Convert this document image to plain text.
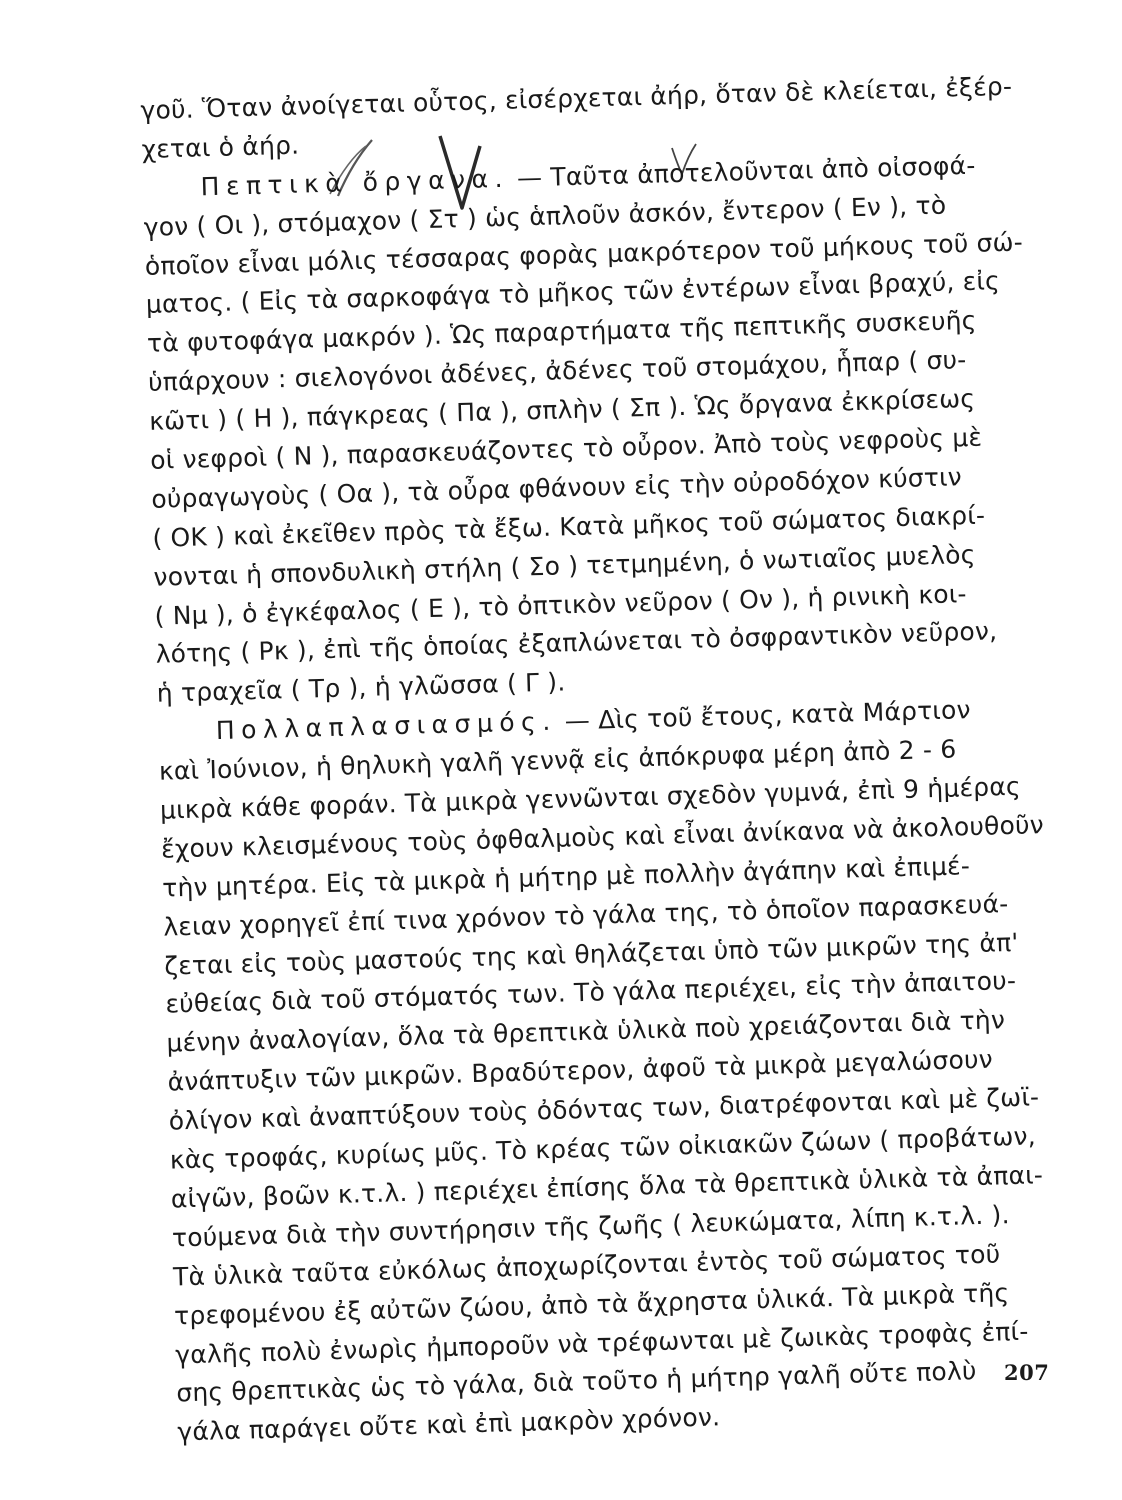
γοῦ. Ὅταν ἀνοίγεται οὗτος, εἰσέρχεται ἀήρ, ὅταν δὲ κλείεται, ἐξέρ-
χεται ὁ ἀήρ.
Πεπτικὰ ὄργανα. — Ταῦτα ἀποτελοῦνται ἀπὸ οἰσοφά-
γον ( Οι ), στόμαχον ( Στ ) ὡς ἁπλοῦν ἀσκόν, ἔντερον ( Εν ), τὸ
ὁποῖον εἶναι μόλις τέσσαρας φορὰς μακρότερον τοῦ μήκους τοῦ σώ-
ματος. ( Εἰς τὰ σαρκοφάγα τὸ μῆκος τῶν ἐντέρων εἶναι βραχύ, εἰς
τὰ φυτοφάγα μακρόν ). Ὡς παραρτήματα τῆς πεπτικῆς συσκευῆς
ὑπάρχουν : σιελογόνοι ἀδένες, ἀδένες τοῦ στομάχου, ἧπαρ ( συ-
κῶτι ) ( Η ), πάγκρεας ( Πα ), σπλὴν ( Σπ ). Ὡς ὄργανα ἐκκρίσεως
οἱ νεφροὶ ( Ν ), παρασκευάζοντες τὸ οὖρον. Ἀπὸ τοὺς νεφροὺς μὲ
οὐραγωγοὺς ( Οα ), τὰ οὖρα φθάνουν εἰς τὴν οὐροδόχον κύστιν
( ΟΚ ) καὶ ἐκεῖθεν πρὸς τὰ ἔξω. Κατὰ μῆκος τοῦ σώματος διακρί-
νονται ἡ σπονδυλικὴ στήλη ( Σο ) τετμημένη, ὁ νωτιαῖος μυελὸς
( Νμ ), ὁ ἐγκέφαλος ( Ε ), τὸ ὀπτικὸν νεῦρον ( Ον ), ἡ ρινικὴ κοι-
λότης ( Ρκ ), ἐπὶ τῆς ὁποίας ἐξαπλώνεται τὸ ὀσφραντικὸν νεῦρον,
ἡ τραχεῖα ( Τρ ), ἡ γλῶσσα ( Γ ).
Πολλαπλασιασμός. — Δὶς τοῦ ἔτους, κατὰ Μάρτιον
καὶ Ἰούνιον, ἡ θηλυκὴ γαλῆ γεννᾷ εἰς ἀπόκρυφα μέρη ἀπὸ 2 - 6
μικρὰ κάθε φοράν. Τὰ μικρὰ γεννῶνται σχεδὸν γυμνά, ἐπὶ 9 ἡμέρας
ἔχουν κλεισμένους τοὺς ὀφθαλμοὺς καὶ εἶναι ἀνίκανα νὰ ἀκολουθοῦν
τὴν μητέρα. Εἰς τὰ μικρὰ ἡ μήτηρ μὲ πολλὴν ἀγάπην καὶ ἐπιμέ-
λειαν χορηγεῖ ἐπί τινα χρόνον τὸ γάλα της, τὸ ὁποῖον παρασκευά-
ζεται εἰς τοὺς μαστούς της καὶ θηλάζεται ὑπὸ τῶν μικρῶν της ἀπ'
εὐθείας διὰ τοῦ στόματός των. Τὸ γάλα περιέχει, εἰς τὴν ἀπαιτου-
μένην ἀναλογίαν, ὅλα τὰ θρεπτικὰ ὑλικὰ ποὺ χρειάζονται διὰ τὴν
ἀνάπτυξιν τῶν μικρῶν. Βραδύτερον, ἀφοῦ τὰ μικρὰ μεγαλώσουν
ὀλίγον καὶ ἀναπτύξουν τοὺς ὀδόντας των, διατρέφονται καὶ μὲ ζωϊ-
κὰς τροφάς, κυρίως μῦς. Τὸ κρέας τῶν οἰκιακῶν ζώων ( προβάτων,
αἰγῶν, βοῶν κ.τ.λ. ) περιέχει ἐπίσης ὅλα τὰ θρεπτικὰ ὑλικὰ τὰ ἀπαι-
τούμενα διὰ τὴν συντήρησιν τῆς ζωῆς ( λευκώματα, λίπη κ.τ.λ. ).
Τὰ ὑλικὰ ταῦτα εὐκόλως ἀποχωρίζονται ἐντὸς τοῦ σώματος τοῦ
τρεφομένου ἐξ αὐτῶν ζώου, ἀπὸ τὰ ἄχρηστα ὑλικά. Τὰ μικρὰ τῆς
γαλῆς πολὺ ἐνωρὶς ἠμποροῦν νὰ τρέφωνται μὲ ζωικὰς τροφὰς ἐπί-
σης θρεπτικὰς ὡς τὸ γάλα, διὰ τοῦτο ἡ μήτηρ γαλῆ οὔτε πολὺ
γάλα παράγει οὔτε καὶ ἐπὶ μακρὸν χρόνον.
207
